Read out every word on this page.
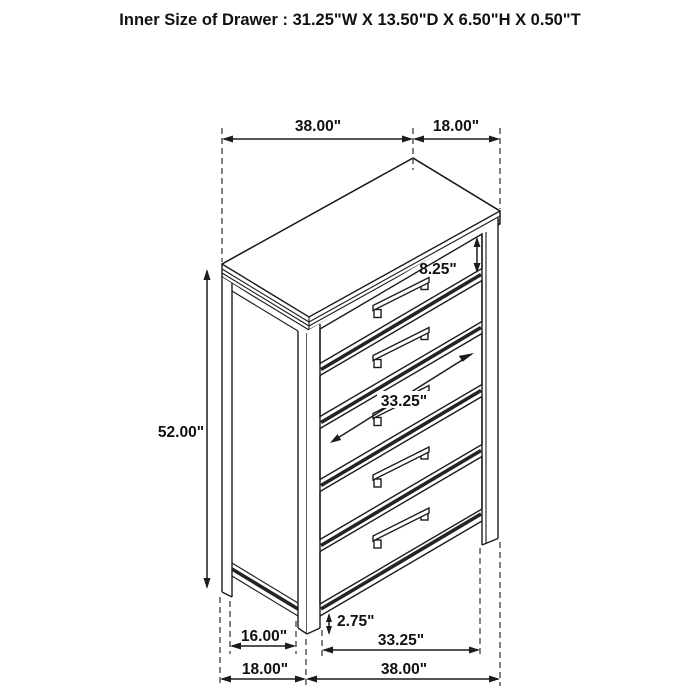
Inner Size of Drawer : 31.25"W X 13.50"D X 6.50"H X 0.50"T
38.00"	18.00"
52.00"
8.25"
33.25"
2.75"
16.00"	33.25"
18.00"	38.00"
